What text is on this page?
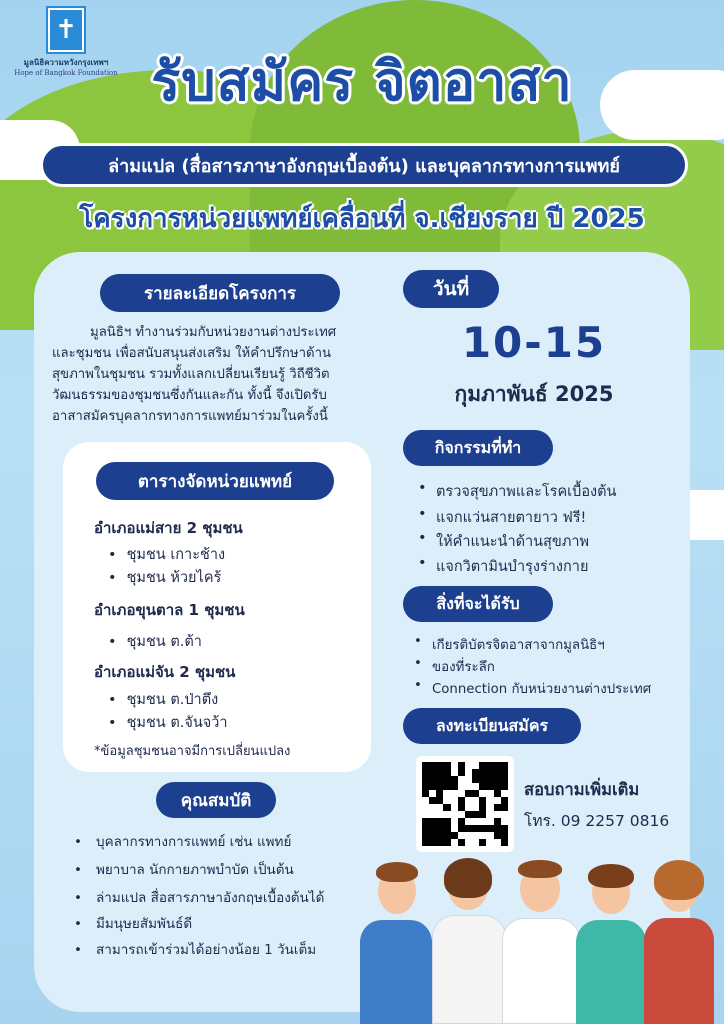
✝
มูลนิธิความหวังกรุงเทพฯ
Hope of Bangkok Foundation รับสมัคร จิตอาสา
ล่ามแปล (สื่อสารภาษาอังกฤษเบื้องต้น) และบุคลากรทางการแพทย์
โครงการหน่วยแพทย์เคลื่อนที่ จ.เชียงราย ปี 2025
รายละเอียดโครงการ
มูลนิธิฯ ทำงานร่วมกับหน่วยงานต่างประเทศ
และชุมชน เพื่อสนับสนุนส่งเสริม ให้คำปรึกษาด้าน
สุขภาพในชุมชน รวมทั้งแลกเปลี่ยนเรียนรู้ วิถีชีวิต
วัฒนธรรมของชุมชนซึ่งกันและกัน ทั้งนี้ จึงเปิดรับ
อาสาสมัครบุคลากรทางการแพทย์มาร่วมในครั้งนี้
ตารางจัดหน่วยแพทย์
อำเภอแม่สาย 2 ชุมชน
• ชุมชน เกาะช้าง
• ชุมชน ห้วยไคร้
อำเภอขุนตาล 1 ชุมชน
• ชุมชน ต.ต้า
อำเภอแม่จัน 2 ชุมชน
• ชุมชน ต.ป่าตึง
• ชุมชน ต.จันจว้า
*ข้อมูลชุมชนอาจมีการเปลี่ยนแปลง
คุณสมบัติ
• บุคลากรทางการแพทย์ เช่น แพทย์
• พยาบาล นักกายภาพบำบัด เป็นต้น
• ล่ามแปล สื่อสารภาษาอังกฤษเบื้องต้นได้
• มีมนุษยสัมพันธ์ดี
• สามารถเข้าร่วมได้อย่างน้อย 1 วันเต็ม
วันที่
10-15
กุมภาพันธ์ 2025
กิจกรรมที่ทำ
• ตรวจสุขภาพและโรคเบื้องต้น
• แจกแว่นสายตายาว ฟรี!
• ให้คำแนะนำด้านสุขภาพ
• แจกวิตามินบำรุงร่างกาย
สิ่งที่จะได้รับ
• เกียรติบัตรจิตอาสาจากมูลนิธิฯ
• ของที่ระลึก
• Connection กับหน่วยงานต่างประเทศ
ลงทะเบียนสมัคร
สอบถามเพิ่มเติม
โทร. 09 2257 0816
